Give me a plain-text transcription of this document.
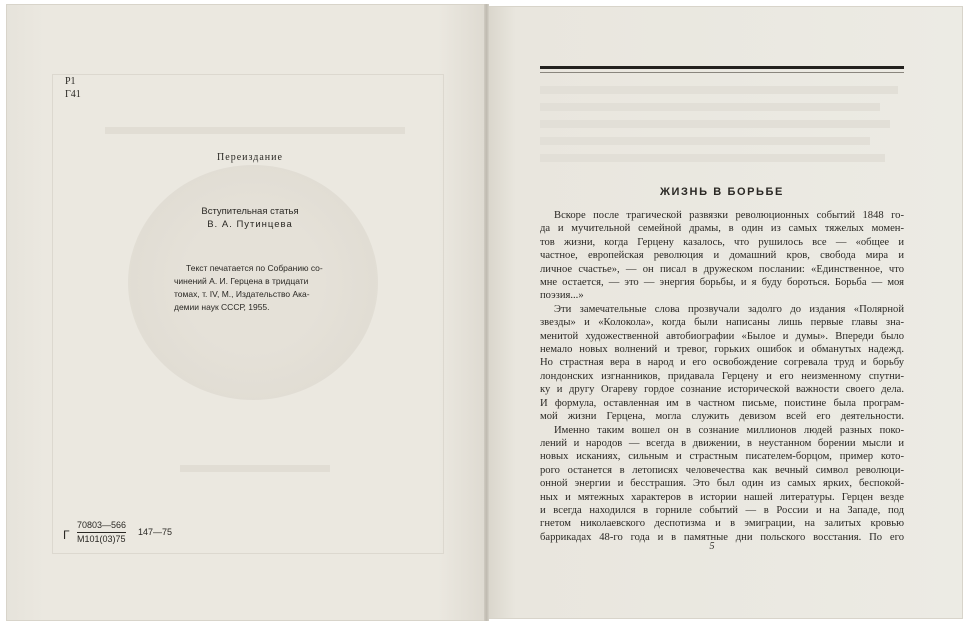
Р1
Г41
Переиздание
Вступительная статья
В. А. Путинцева
Текст печатается по Собранию со-
чинений А. И. Герцена в тридцати
томах, т. IV, М., Издательство Ака-
демии наук СССР, 1955.
Г
70803—566
М101(03)75
147—75
ЖИЗНЬ В БОРЬБЕ
Вскоре после трагической развязки революционных событий 1848 го-
да и мучительной семейной драмы, в один из самых тяжелых момен-
тов жизни, когда Герцену казалось, что рушилось все — «общее и
частное, европейская революция и домашний кров, свобода мира и
личное счастье», — он писал в дружеском послании: «Единственное, что
мне остается, — это — энергия борьбы, и я буду бороться. Борьба — моя
поэзия...»
Эти замечательные слова прозвучали задолго до издания «Полярной
звезды» и «Колокола», когда были написаны лишь первые главы зна-
менитой художественной автобиографии «Былое и думы». Впереди было
немало новых волнений и тревог, горьких ошибок и обманутых надежд.
Но страстная вера в народ и его освобождение согревала труд и борьбу
лондонских изгнанников, придавала Герцену и его неизменному спутни-
ку и другу Огареву гордое сознание исторической важности своего дела.
И формула, оставленная им в частном письме, поистине была програм-
мой жизни Герцена, могла служить девизом всей его деятельности.
Именно таким вошел он в сознание миллионов людей разных поко-
лений и народов — всегда в движении, в неустанном борении мысли и
новых исканиях, сильным и страстным писателем-борцом, пример кото-
рого останется в летописях человечества как вечный символ революци-
онной энергии и бесстрашия. Это был один из самых ярких, беспокой-
ных и мятежных характеров в истории нашей литературы. Герцен везде
и всегда находился в горниле событий — в России и на Западе, под
гнетом николаевского деспотизма и в эмиграции, на залитых кровью
баррикадах 48-го года и в памятные дни польского восстания. По его
5
